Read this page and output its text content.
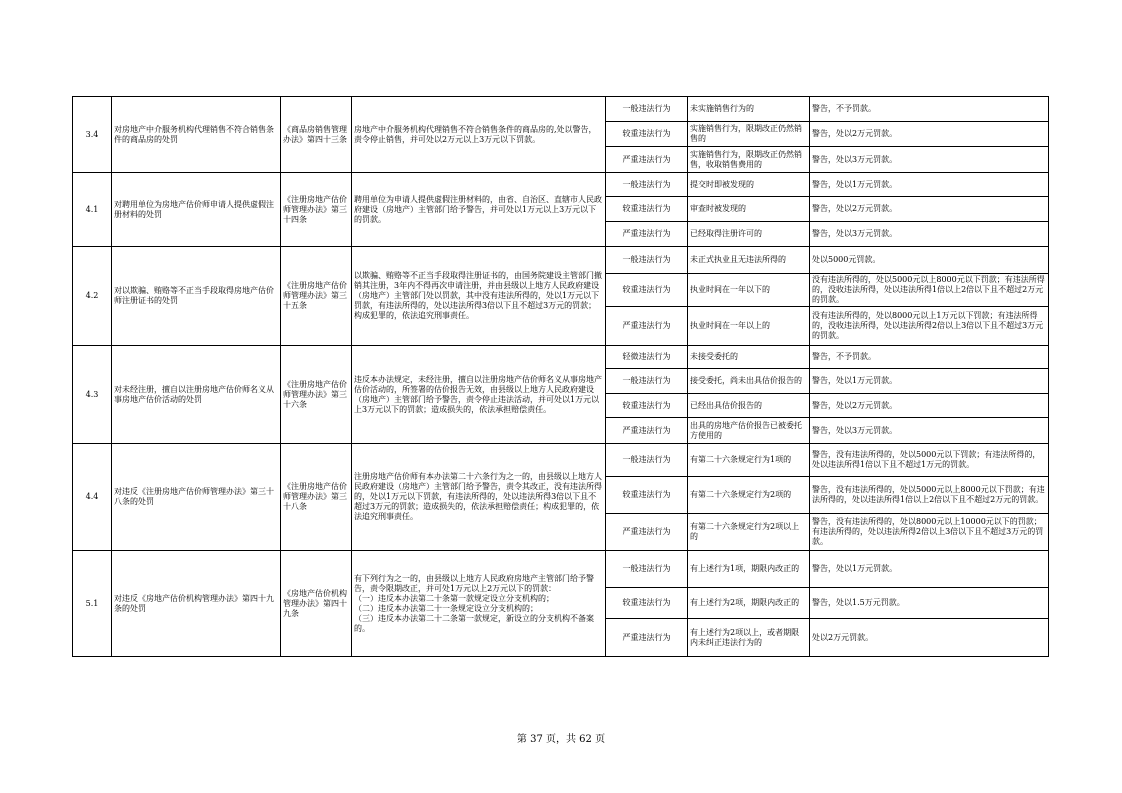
3.4	对房地产中介服务机构代理销售不符合销售条件的商品房的处罚	《商品房销售管理办法》第四十三条	房地产中介服务机构代理销售不符合销售条件的商品房的,处以警告，责令停止销售，并可处以2万元以上3万元以下罚款。	一般违法行为	未实施销售行为的	警告，不予罚款。
				较重违法行为	实施销售行为，限期改正仍然销售的	警告，处以2万元罚款。
				严重违法行为	实施销售行为，限期改正仍然销售，收取销售费用的	警告，处以3万元罚款。
4.1	对聘用单位为房地产估价师申请人提供虚假注册材料的处罚	《注册房地产估价师管理办法》第三十四条	聘用单位为申请人提供虚假注册材料的，由省、自治区、直辖市人民政府建设（房地产）主管部门给予警告，并可处以1万元以上3万元以下的罚款。	一般违法行为	提交时即被发现的	警告，处以1万元罚款。
				较重违法行为	审查时被发现的	警告，处以2万元罚款。
				严重违法行为	已经取得注册许可的	警告，处以3万元罚款。
4.2	对以欺骗、贿赂等不正当手段取得房地产估价师注册证书的处罚	《注册房地产估价师管理办法》第三十五条	以欺骗、贿赂等不正当手段取得注册证书的，由国务院建设主管部门撤销其注册，3年内不得再次申请注册，并由县级以上地方人民政府建设（房地产）主管部门处以罚款，其中没有违法所得的，处以1万元以下罚款，有违法所得的，处以违法所得3倍以下且不超过3万元的罚款；构成犯罪的，依法追究刑事责任。	一般违法行为	未正式执业且无违法所得的	处以5000元罚款。
				较重违法行为	执业时间在一年以下的	没有违法所得的，处以5000元以上8000元以下罚款；有违法所得的，没收违法所得，处以违法所得1倍以上2倍以下且不超过2万元的罚款。
				严重违法行为	执业时间在一年以上的	没有违法所得的，处以8000元以上1万元以下罚款；有违法所得的，没收违法所得，处以违法所得2倍以上3倍以下且不超过3万元的罚款。
4.3	对未经注册，擅自以注册房地产估价师名义从事房地产估价活动的处罚	《注册房地产估价师管理办法》第三十六条	违反本办法规定，未经注册，擅自以注册房地产估价师名义从事房地产估价活动的，所签署的估价报告无效，由县级以上地方人民政府建设（房地产）主管部门给予警告，责令停止违法活动，并可处以1万元以上3万元以下的罚款；造成损失的，依法承担赔偿责任。	轻微违法行为	未接受委托的	警告，不予罚款。
				一般违法行为	接受委托，尚未出具估价报告的	警告，处以1万元罚款。
				较重违法行为	已经出具估价报告的	警告，处以2万元罚款。
				严重违法行为	出具的房地产估价报告已被委托方使用的	警告，处以3万元罚款。
4.4	对违反《注册房地产估价师管理办法》第三十八条的处罚	《注册房地产估价师管理办法》第三十八条	注册房地产估价师有本办法第二十六条行为之一的，由县级以上地方人民政府建设（房地产）主管部门给予警告，责令其改正，没有违法所得的，处以1万元以下罚款，有违法所得的，处以违法所得3倍以下且不超过3万元的罚款；造成损失的，依法承担赔偿责任；构成犯罪的，依法追究刑事责任。	一般违法行为	有第二十六条规定行为1项的	警告，没有违法所得的，处以5000元以下罚款；有违法所得的，处以违法所得1倍以下且不超过1万元的罚款。
				较重违法行为	有第二十六条规定行为2项的	警告，没有违法所得的，处以5000元以上8000元以下罚款；有违法所得的，处以违法所得1倍以上2倍以下且不超过2万元的罚款。
				严重违法行为	有第二十六条规定行为2项以上的	警告，没有违法所得的，处以8000元以上10000元以下的罚款；有违法所得的，处以违法所得2倍以上3倍以下且不超过3万元的罚款。
5.1	对违反《房地产估价机构管理办法》第四十九条的处罚	《房地产估价机构管理办法》第四十九条	有下列行为之一的，由县级以上地方人民政府房地产主管部门给予警告，责令限期改正，并可处1万元以上2万元以下的罚款：
（一）违反本办法第二十条第一款规定设立分支机构的；
（二）违反本办法第二十一条规定设立分支机构的；
（三）违反本办法第二十二条第一款规定，新设立的分支机构不备案的。	一般违法行为	有上述行为1项，期限内改正的	警告，处以1万元罚款。
				较重违法行为	有上述行为2项，期限内改正的	警告，处以1.5万元罚款。
				严重违法行为	有上述行为2项以上，或者期限内未纠正违法行为的	处以2万元罚款。
第 37 页，共 62 页
